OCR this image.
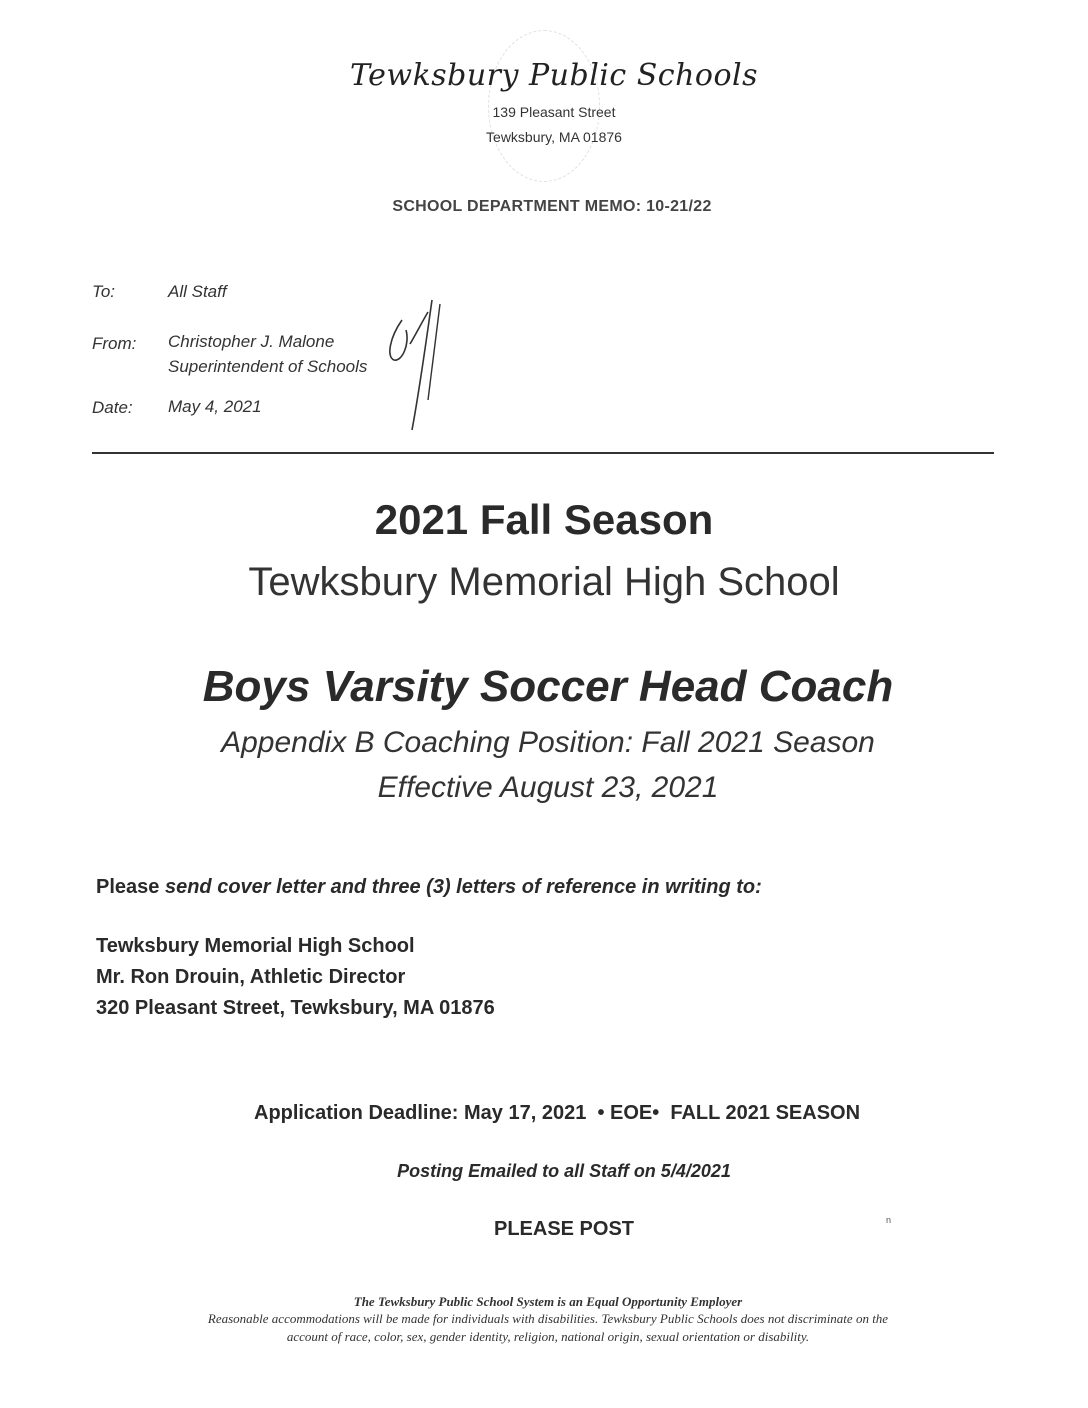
Tewksbury Public Schools
139 Pleasant Street
Tewksbury, MA 01876
SCHOOL DEPARTMENT MEMO: 10-21/22
To:	All Staff
From: Christopher J. Malone
Superintendent of Schools
Date: May 4, 2021
2021 Fall Season
Tewksbury Memorial High School
Boys Varsity Soccer Head Coach
Appendix B Coaching Position: Fall 2021 Season
Effective August 23, 2021
Please send cover letter and three (3) letters of reference in writing to:
Tewksbury Memorial High School
Mr. Ron Drouin, Athletic Director
320 Pleasant Street, Tewksbury, MA 01876
Application Deadline: May 17, 2021  • EOE•  FALL 2021 SEASON
Posting Emailed to all Staff on 5/4/2021
PLEASE POST	n
The Tewksbury Public School System is an Equal Opportunity Employer
Reasonable accommodations will be made for individuals with disabilities. Tewksbury Public Schools does not discriminate on the
account of race, color, sex, gender identity, religion, national origin, sexual orientation or disability.
